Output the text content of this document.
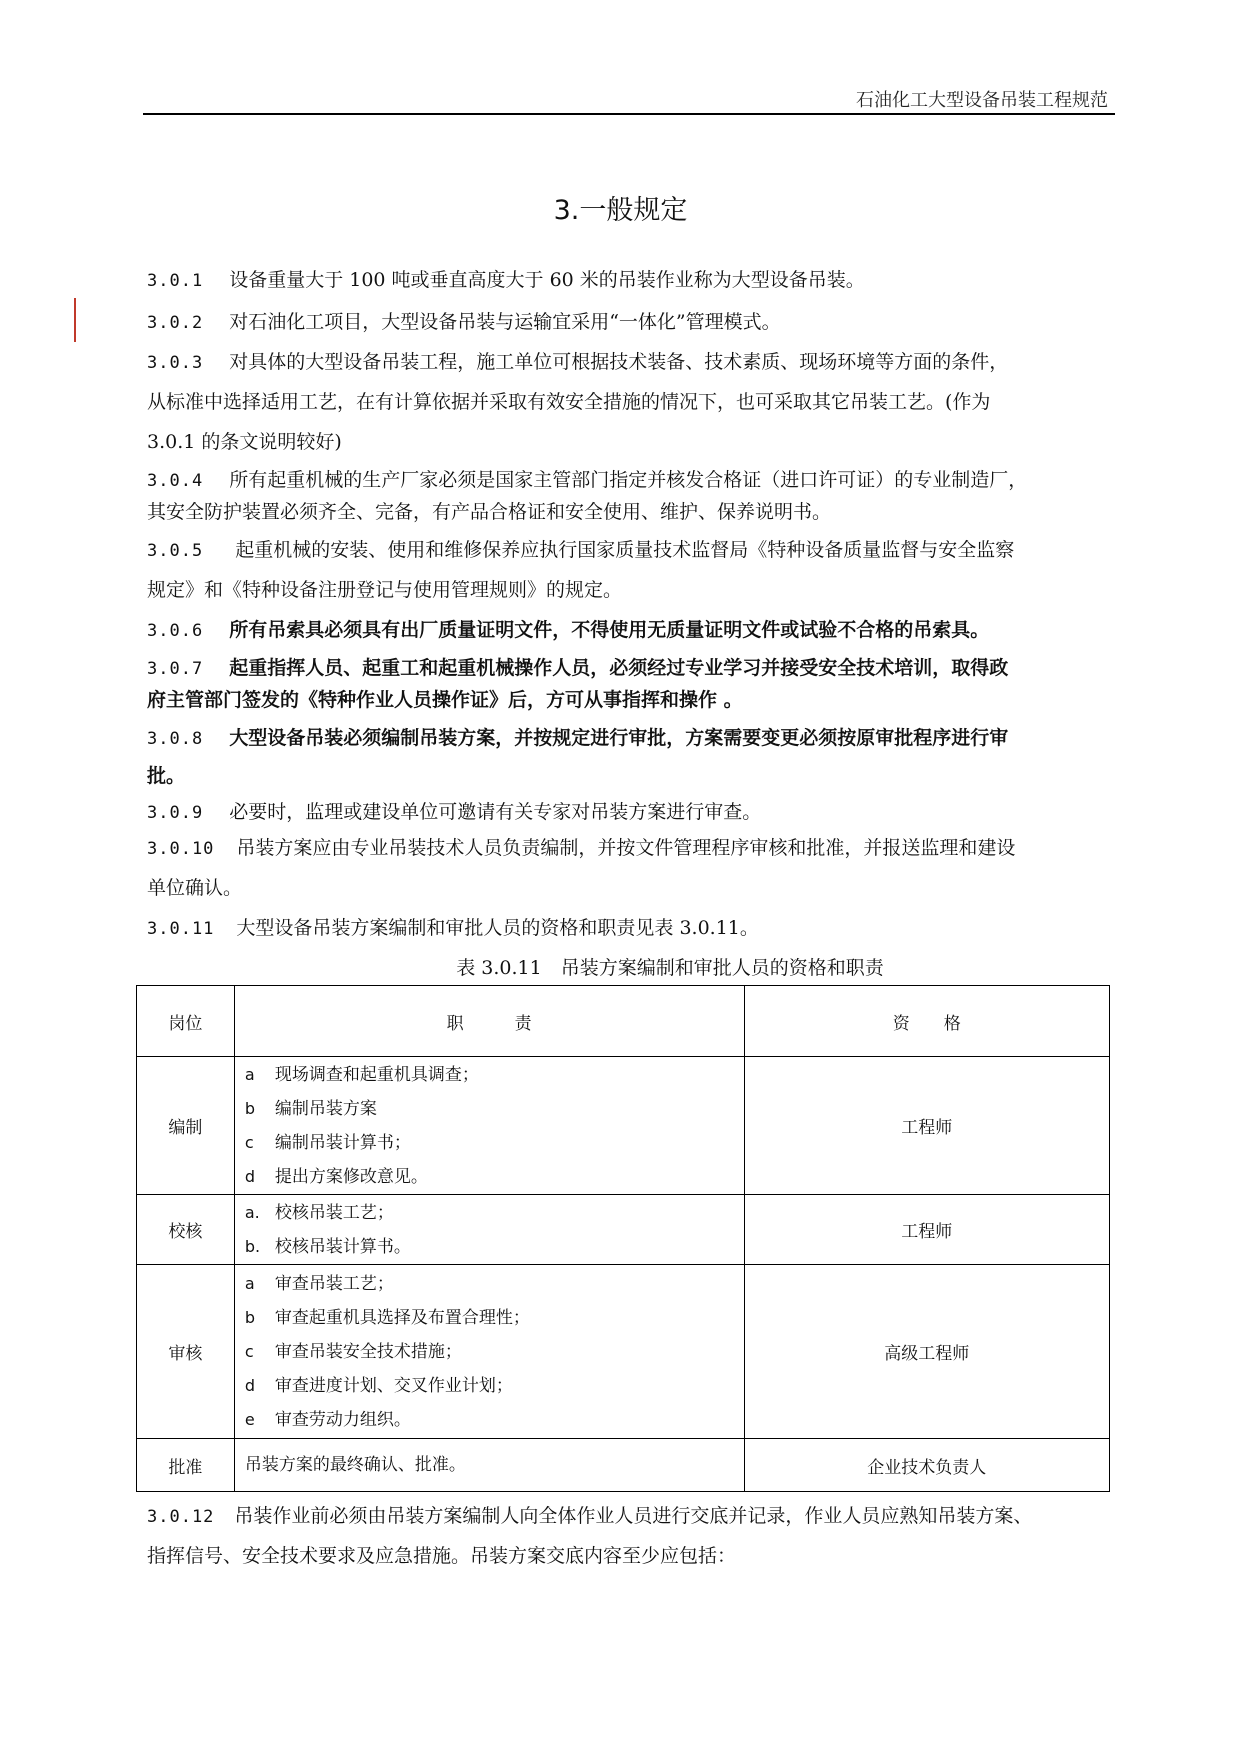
石油化工大型设备吊装工程规范
3.一般规定
3.0.1 设备重量大于 100 吨或垂直高度大于 60 米的吊装作业称为大型设备吊装。
3.0.2 对石油化工项目，大型设备吊装与运输宜采用“一体化”管理模式。
3.0.3 对具体的大型设备吊装工程，施工单位可根据技术装备、技术素质、现场环境等方面的条件，
从标准中选择适用工艺，在有计算依据并采取有效安全措施的情况下，也可采取其它吊装工艺。(作为
3.0.1 的条文说明较好)
3.0.4 所有起重机械的生产厂家必须是国家主管部门指定并核发合格证（进口许可证）的专业制造厂，
其安全防护装置必须齐全、完备，有产品合格证和安全使用、维护、保养说明书。
3.0.5 起重机械的安装、使用和维修保养应执行国家质量技术监督局《特种设备质量监督与安全监察
规定》和《特种设备注册登记与使用管理规则》的规定。
3.0.6 所有吊索具必须具有出厂质量证明文件，不得使用无质量证明文件或试验不合格的吊索具。
3.0.7 起重指挥人员、起重工和起重机械操作人员，必须经过专业学习并接受安全技术培训，取得政
府主管部门签发的《特种作业人员操作证》后，方可从事指挥和操作 。
3.0.8 大型设备吊装必须编制吊装方案，并按规定进行审批，方案需要变更必须按原审批程序进行审
批。
3.0.9 必要时，监理或建设单位可邀请有关专家对吊装方案进行审查。
3.0.10 吊装方案应由专业吊装技术人员负责编制，并按文件管理程序审核和批准，并报送监理和建设
单位确认。
3.0.11 大型设备吊装方案编制和审批人员的资格和职责见表 3.0.11。
表 3.0.11　吊装方案编制和审批人员的资格和职责
岗位	职　　　责	资　　格
编制	a 现场调查和起重机具调查；
b 编制吊装方案
c 编制吊装计算书；
d 提出方案修改意见。	工程师
校核	a. 校核吊装工艺；
b. 校核吊装计算书。	工程师
审核	a 审查吊装工艺；
b 审查起重机具选择及布置合理性；
c 审查吊装安全技术措施；
d 审查进度计划、交叉作业计划；
e 审查劳动力组织。	高级工程师
批准	吊装方案的最终确认、批准。	企业技术负责人
3.0.12 吊装作业前必须由吊装方案编制人向全体作业人员进行交底并记录，作业人员应熟知吊装方案、
指挥信号、安全技术要求及应急措施。吊装方案交底内容至少应包括：
